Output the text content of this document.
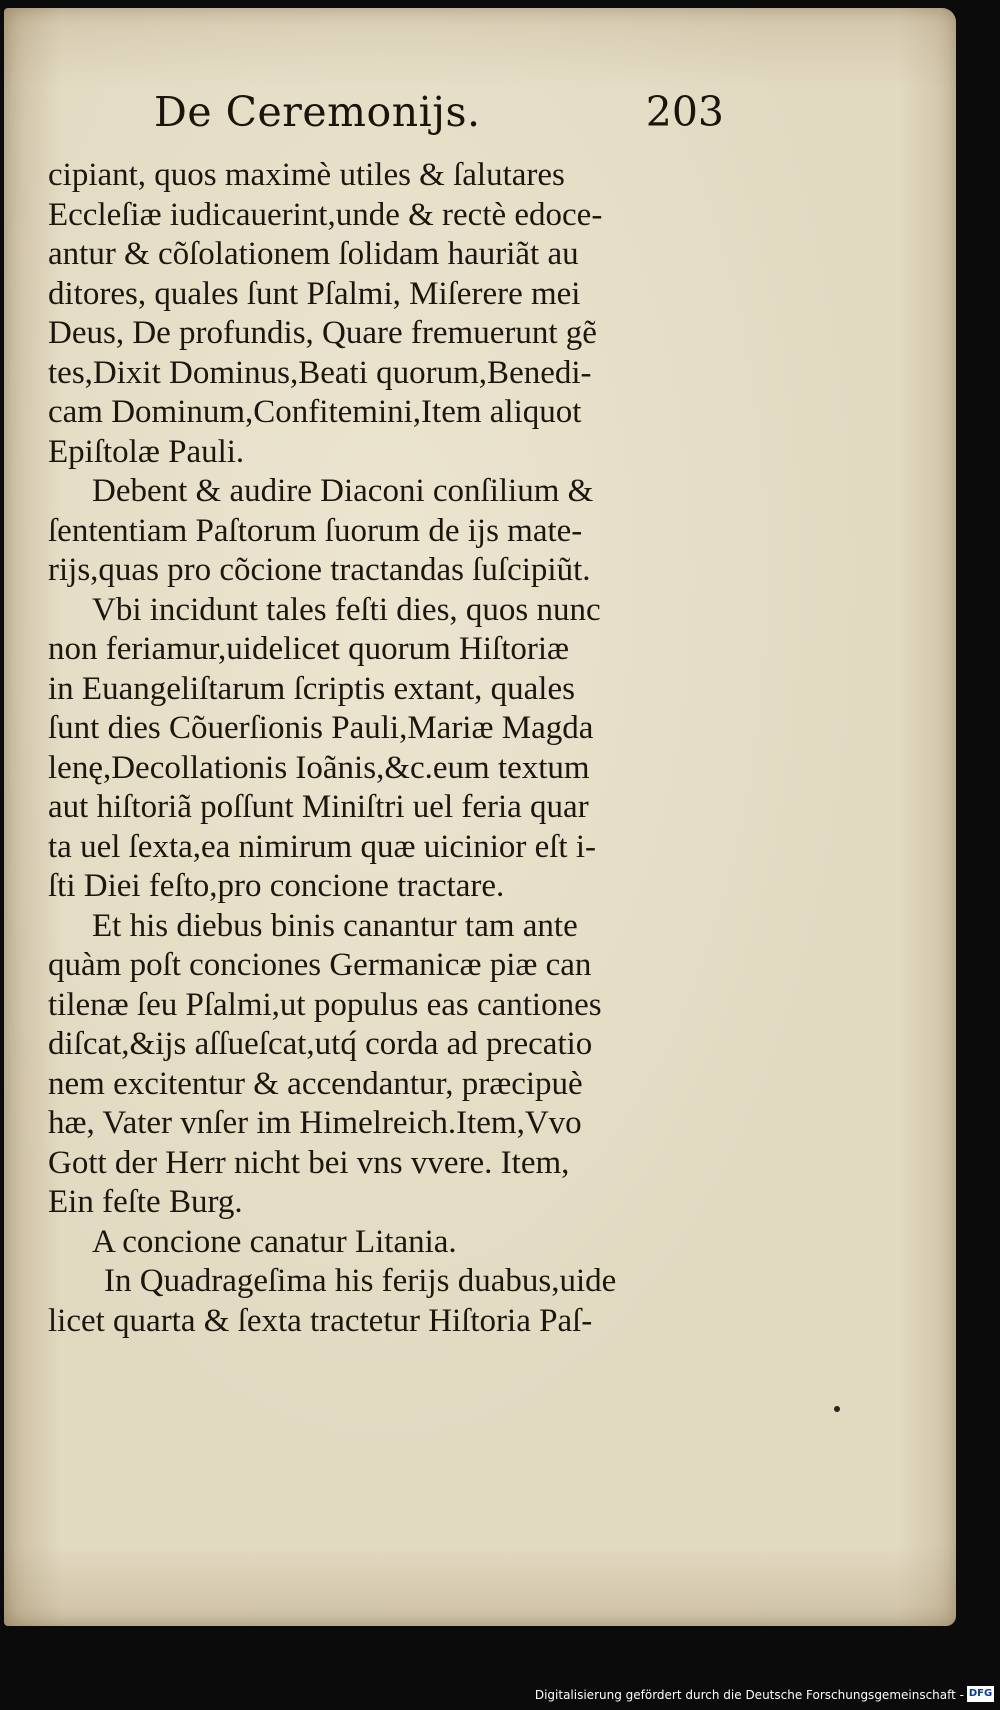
De Ceremonijs.	203
cipiant, quos maximè utiles & ſalutares
Eccleſiæ iudicauerint,unde & rectè edoce-
antur & cõſolationem ſolidam hauriãt au
ditores, quales ſunt Pſalmi, Miſerere mei
Deus, De profundis, Quare fremuerunt gẽ
tes,Dixit Dominus,Beati quorum,Benedi-
cam Dominum,Confitemini,Item aliquot
Epiſtolæ Pauli.
Debent & audire Diaconi conſilium &
ſententiam Paſtorum ſuorum de ijs mate-
rijs,quas pro cõcione tractandas ſuſcipiũt.
Vbi incidunt tales feſti dies, quos nunc
non feriamur,uidelicet quorum Hiſtoriæ
in Euangeliſtarum ſcriptis extant, quales
ſunt dies Cõuerſionis Pauli,Mariæ Magda
lenę,Decollationis Ioãnis,&c.eum textum
aut hiſtoriã poſſunt Miniſtri uel feria quar
ta uel ſexta,ea nimirum quæ uicinior eſt i-
ſti Diei feſto,pro concione tractare.
Et his diebus binis canantur tam ante
quàm poſt conciones Germanicæ piæ can
tilenæ ſeu Pſalmi,ut populus eas cantiones
diſcat,&ijs aſſueſcat,utq́ corda ad precatio
nem excitentur & accendantur, præcipuè
hæ, Vater vnſer im Himelreich.Item,Vvo
Gott der Herr nicht bei vns vvere. Item,
Ein feſte Burg.
A concione canatur Litania.
In Quadrageſima his ferijs duabus,uide
licet quarta & ſexta tractetur Hiſtoria Paſ-
Digitalisierung gefördert durch die Deutsche Forschungsgemeinschaft - DFG
